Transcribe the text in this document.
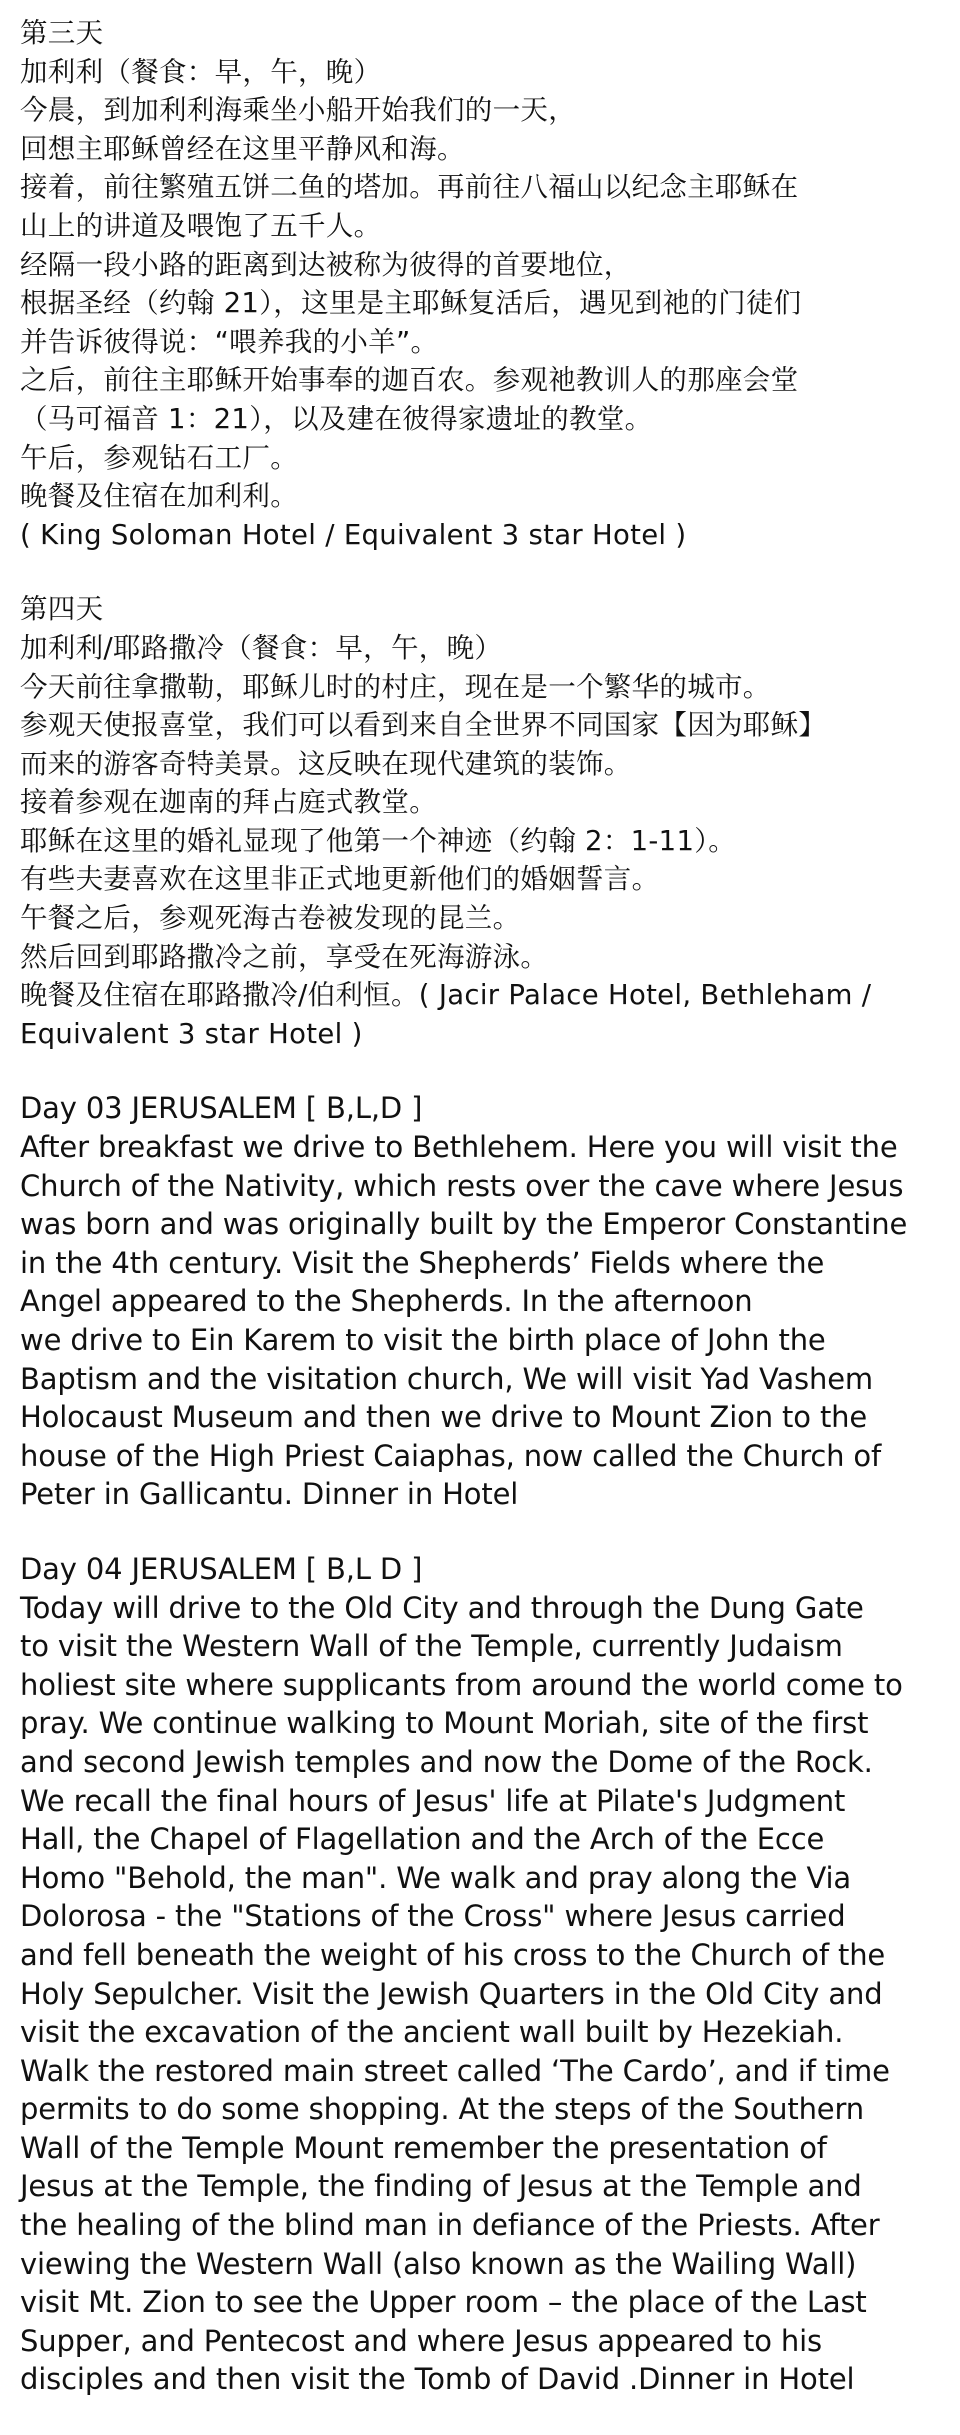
第三天
加利利（餐食：早，午，晚）
今晨，到加利利海乘坐小船开始我们的一天，
回想主耶稣曾经在这里平静风和海。
接着，前往繁殖五饼二鱼的塔加。再前往八福山以纪念主耶稣在
山上的讲道及喂饱了五千人。
经隔一段小路的距离到达被称为彼得的首要地位，
根据圣经（约翰 21），这里是主耶稣复活后，遇见到祂的门徒们
并告诉彼得说：“喂养我的小羊”。
之后，前往主耶稣开始事奉的迦百农。参观祂教训人的那座会堂
（马可福音 1：21），以及建在彼得家遗址的教堂。
午后，参观钻石工厂。
晚餐及住宿在加利利。
( King Soloman Hotel / Equivalent 3 star Hotel )
第四天
加利利/耶路撒冷（餐食：早，午，晚）
今天前往拿撒勒，耶稣儿时的村庄，现在是一个繁华的城市。
参观天使报喜堂，我们可以看到来自全世界不同国家【因为耶稣】
而来的游客奇特美景。这反映在现代建筑的装饰。
接着参观在迦南的拜占庭式教堂。
耶稣在这里的婚礼显现了他第一个神迹（约翰 2：1-11）。
有些夫妻喜欢在这里非正式地更新他们的婚姻誓言。
午餐之后，参观死海古卷被发现的昆兰。
然后回到耶路撒冷之前，享受在死海游泳。
晚餐及住宿在耶路撒冷/伯利恒。( Jacir Palace Hotel, Bethleham /
Equivalent 3 star Hotel )
Day 03 JERUSALEM [ B,L,D ]
After breakfast we drive to Bethlehem. Here you will visit the
Church of the Nativity, which rests over the cave where Jesus
was born and was originally built by the Emperor Constantine
in the 4th century. Visit the Shepherds’ Fields where the
Angel appeared to the Shepherds. In the afternoon
we drive to Ein Karem to visit the birth place of John the
Baptism and the visitation church, We will visit Yad Vashem
Holocaust Museum and then we drive to Mount Zion to the
house of the High Priest Caiaphas, now called the Church of
Peter in Gallicantu. Dinner in Hotel
Day 04 JERUSALEM [ B,L D ]
Today will drive to the Old City and through the Dung Gate
to visit the Western Wall of the Temple, currently Judaism
holiest site where supplicants from around the world come to
pray. We continue walking to Mount Moriah, site of the first
and second Jewish temples and now the Dome of the Rock.
We recall the final hours of Jesus' life at Pilate's Judgment
Hall, the Chapel of Flagellation and the Arch of the Ecce
Homo "Behold, the man". We walk and pray along the Via
Dolorosa - the "Stations of the Cross" where Jesus carried
and fell beneath the weight of his cross to the Church of the
Holy Sepulcher. Visit the Jewish Quarters in the Old City and
visit the excavation of the ancient wall built by Hezekiah.
Walk the restored main street called ‘The Cardo’, and if time
permits to do some shopping. At the steps of the Southern
Wall of the Temple Mount remember the presentation of
Jesus at the Temple, the finding of Jesus at the Temple and
the healing of the blind man in defiance of the Priests. After
viewing the Western Wall (also known as the Wailing Wall)
visit Mt. Zion to see the Upper room – the place of the Last
Supper, and Pentecost and where Jesus appeared to his
disciples and then visit the Tomb of David .Dinner in Hotel
